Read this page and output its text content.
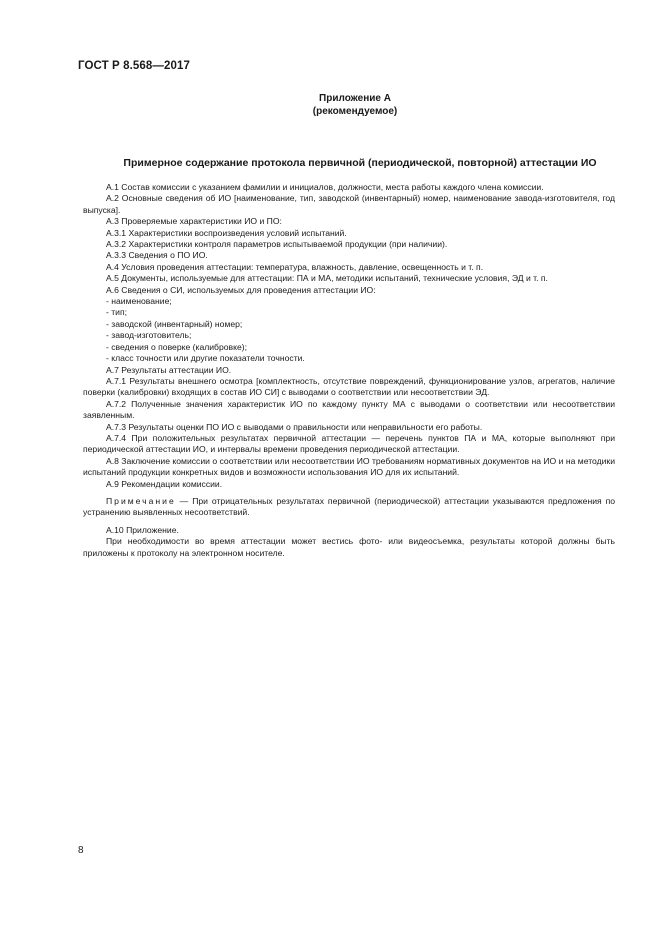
ГОСТ Р 8.568—2017
Приложение А
(рекомендуемое)
Примерное содержание протокола первичной (периодической, повторной) аттестации ИО

А.1 Состав комиссии с указанием фамилии и инициалов, должности, места работы каждого члена комиссии.

А.2 Основные сведения об ИО [наименование, тип, заводской (инвентарный) номер, наименование завода-изготовителя, год выпуска].

А.3 Проверяемые характеристики ИО и ПО:

А.3.1 Характеристики воспроизведения условий испытаний.

А.3.2 Характеристики контроля параметров испытываемой продукции (при наличии).

А.3.3 Сведения о ПО ИО.

А.4 Условия проведения аттестации: температура, влажность, давление, освещенность и т. п.

А.5 Документы, используемые для аттестации: ПА и МА, методики испытаний, технические условия, ЭД и т. п.

А.6 Сведения о СИ, используемых для проведения аттестации ИО:

- наименование;

- тип;

- заводской (инвентарный) номер;

- завод-изготовитель;

- сведения о поверке (калибровке);

- класс точности или другие показатели точности.

А.7 Результаты аттестации ИО.

А.7.1 Результаты внешнего осмотра [комплектность, отсутствие повреждений, функционирование узлов, агрегатов, наличие поверки (калибровки) входящих в состав ИО СИ] с выводами о соответствии или несоответствии ЭД.

А.7.2 Полученные значения характеристик ИО по каждому пункту МА с выводами о соответствии или несоответствии заявленным.

А.7.3 Результаты оценки ПО ИО с выводами о правильности или неправильности его работы.

А.7.4 При положительных результатах первичной аттестации — перечень пунктов ПА и МА, которые выполняют при периодической аттестации ИО, и интервалы времени проведения периодической аттестации.

А.8 Заключение комиссии о соответствии или несоответствии ИО требованиям нормативных документов на ИО и на методики испытаний продукции конкретных видов и возможности использования ИО для их испытаний.

А.9 Рекомендации комиссии.

Примечание — При отрицательных результатах первичной (периодической) аттестации указываются предложения по устранению выявленных несоответствий.

А.10 Приложение.

При необходимости во время аттестации может вестись фото- или видеосъемка, результаты которой должны быть приложены к протоколу на электронном носителе.

8
